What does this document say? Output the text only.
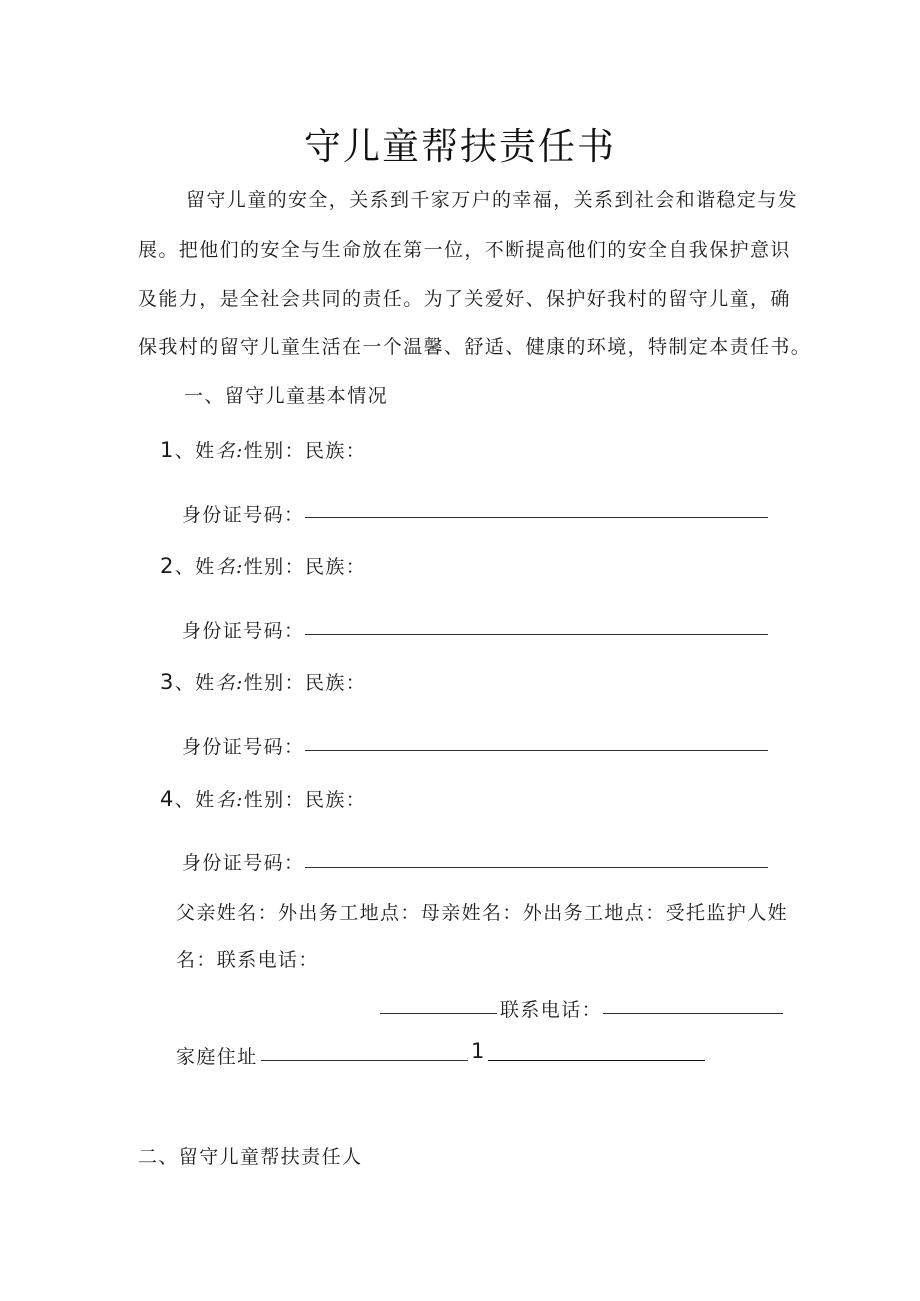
守儿童帮扶责任书
留守儿童的安全，关系到千家万户的幸福，关系到社会和谐稳定与发
展。把他们的安全与生命放在第一位，不断提高他们的安全自我保护意识
及能力，是全社会共同的责任。为了关爱好、保护好我村的留守儿童，确
保我村的留守儿童生活在一个温馨、舒适、健康的环境，特制定本责任书。
一、留守儿童基本情况
1、姓名:性别：民族：
身份证号码：
2、姓名:性别：民族：
身份证号码：
3、姓名:性别：民族：
身份证号码：
4、姓名:性别：民族：
身份证号码：
父亲姓名：外出务工地点：母亲姓名：外出务工地点：受托监护人姓
名：联系电话：
联系电话：
家庭住址	1
二、留守儿童帮扶责任人
